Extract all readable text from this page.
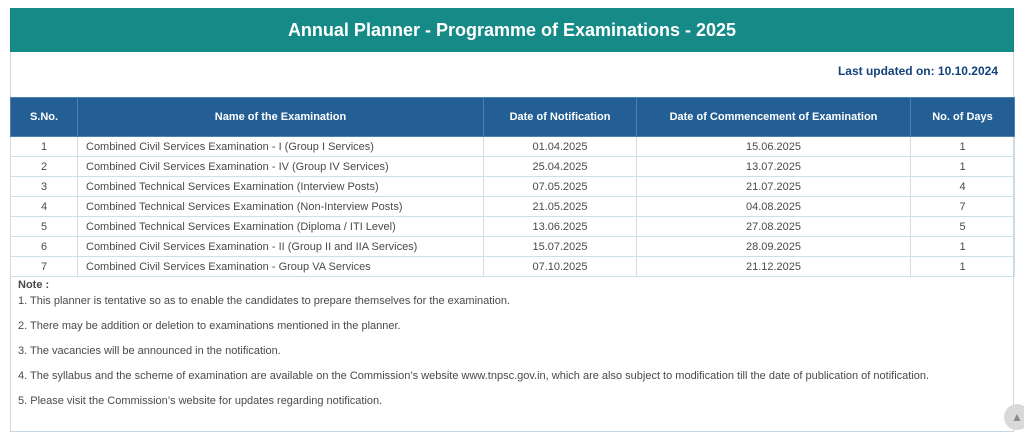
Annual Planner - Programme of Examinations - 2025
Last updated on: 10.10.2024
S.No.	Name of the Examination	Date of Notification	Date of Commencement of Examination	No. of Days
1	Combined Civil Services Examination - I (Group I Services)	01.04.2025	15.06.2025	1
2	Combined Civil Services Examination - IV (Group IV Services)	25.04.2025	13.07.2025	1
3	Combined Technical Services Examination (Interview Posts)	07.05.2025	21.07.2025	4
4	Combined Technical Services Examination (Non-Interview Posts)	21.05.2025	04.08.2025	7
5	Combined Technical Services Examination (Diploma / ITI Level)	13.06.2025	27.08.2025	5
6	Combined Civil Services Examination - II (Group II and IIA Services)	15.07.2025	28.09.2025	1
7	Combined Civil Services Examination - Group VA Services	07.10.2025	21.12.2025	1
Note :
1. This planner is tentative so as to enable the candidates to prepare themselves for the examination.
2. There may be addition or deletion to examinations mentioned in the planner.
3. The vacancies will be announced in the notification.
4. The syllabus and the scheme of examination are available on the Commission’s website www.tnpsc.gov.in, which are also subject to modification till the date of publication of notification.
5. Please visit the Commission’s website for updates regarding notification.
▲
